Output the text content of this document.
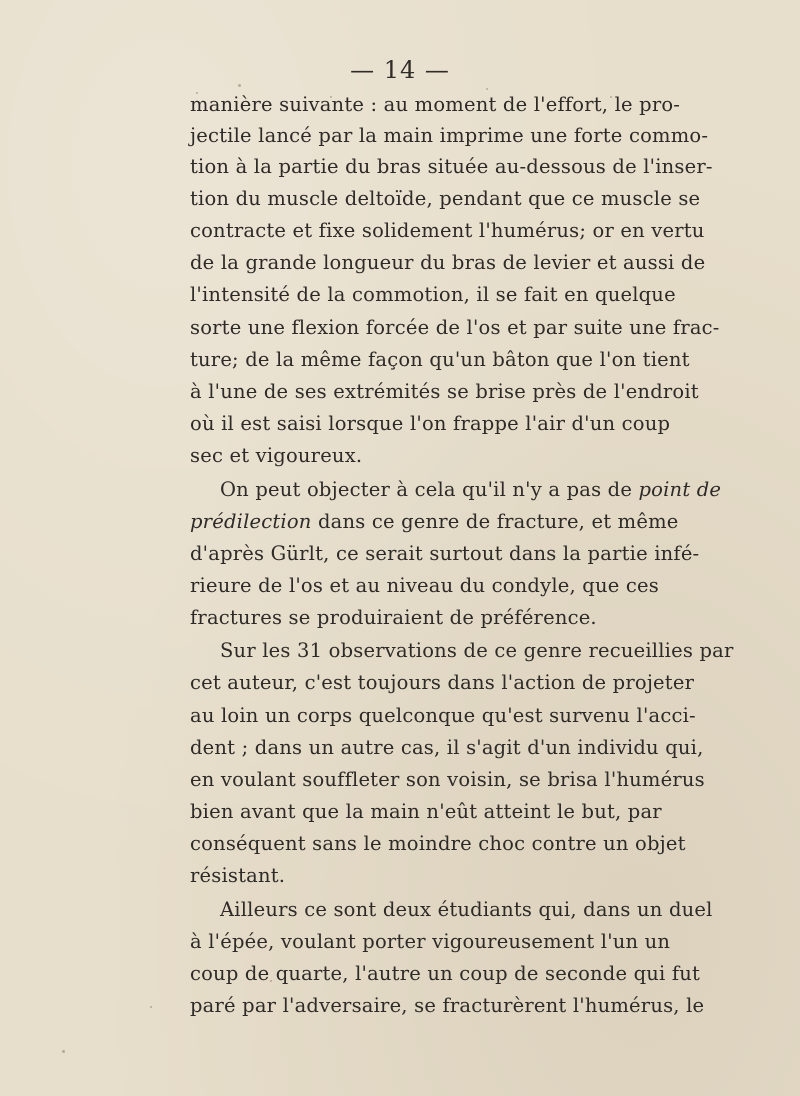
— 14 —
manière suivante : au moment de l'effort, le pro-
jectile lancé par la main imprime une forte commo-
tion à la partie du bras située au-dessous de l'inser-
tion du muscle deltoïde, pendant que ce muscle se
contracte et fixe solidement l'humérus; or en vertu
de la grande longueur du bras de levier et aussi de
l'intensité de la commotion, il se fait en quelque
sorte une flexion forcée de l'os et par suite une frac-
ture; de la même façon qu'un bâton que l'on tient
à l'une de ses extrémités se brise près de l'endroit
où il est saisi lorsque l'on frappe l'air d'un coup
sec et vigoureux.
On peut objecter à cela qu'il n'y a pas de point de
prédilection dans ce genre de fracture, et même
d'après Gürlt, ce serait surtout dans la partie infé-
rieure de l'os et au niveau du condyle, que ces
fractures se produiraient de préférence.
Sur les 31 observations de ce genre recueillies par
cet auteur, c'est toujours dans l'action de projeter
au loin un corps quelconque qu'est survenu l'acci-
dent ; dans un autre cas, il s'agit d'un individu qui,
en voulant souffleter son voisin, se brisa l'humérus
bien avant que la main n'eût atteint le but, par
conséquent sans le moindre choc contre un objet
résistant.
Ailleurs ce sont deux étudiants qui, dans un duel
à l'épée, voulant porter vigoureusement l'un un
coup de quarte, l'autre un coup de seconde qui fut
paré par l'adversaire, se fracturèrent l'humérus, le
